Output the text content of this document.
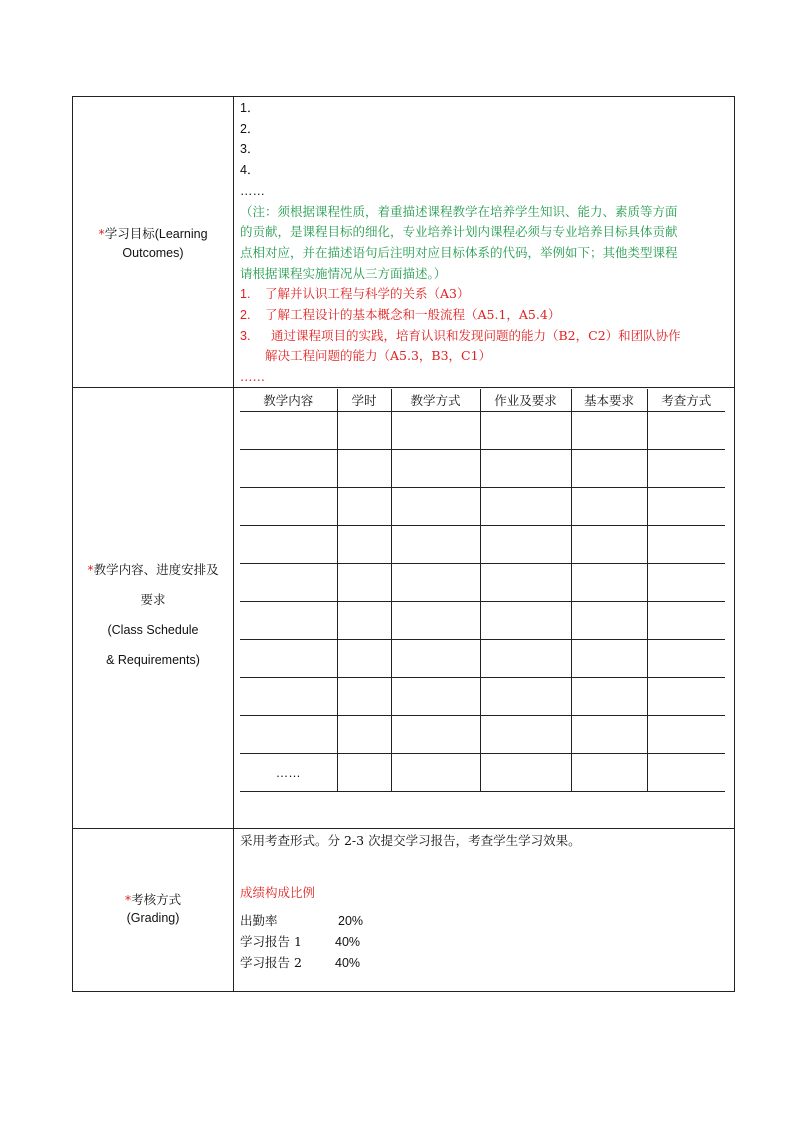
*学习目标(Learning
Outcomes)
1．
2．
3．
4．
……
（注：须根据课程性质，着重描述课程教学在培养学生知识、能力、素质等方面
的贡献，是课程目标的细化，专业培养计划内课程必须与专业培养目标具体贡献
点相对应，并在描述语句后注明对应目标体系的代码，举例如下；其他类型课程
请根据课程实施情况从三方面描述。）
1. 了解并认识工程与科学的关系（A3）
2. 了解工程设计的基本概念和一般流程（A5.1，A5.4）
3. 通过课程项目的实践，培育认识和发现问题的能力（B2，C2）和团队协作
解决工程问题的能力（A5.3，B3，C1）
……
*教学内容、进度安排及
要求
(Class Schedule
& Requirements)
教学内容	学时	教学方式	作业及要求	基本要求	考查方式

……					
*考核方式
(Grading)
采用考查形式。分 2-3 次提交学习报告，考查学生学习效果。
成绩构成比例
出勤率	20%
学习报告 1	40%
学习报告 2	40%
